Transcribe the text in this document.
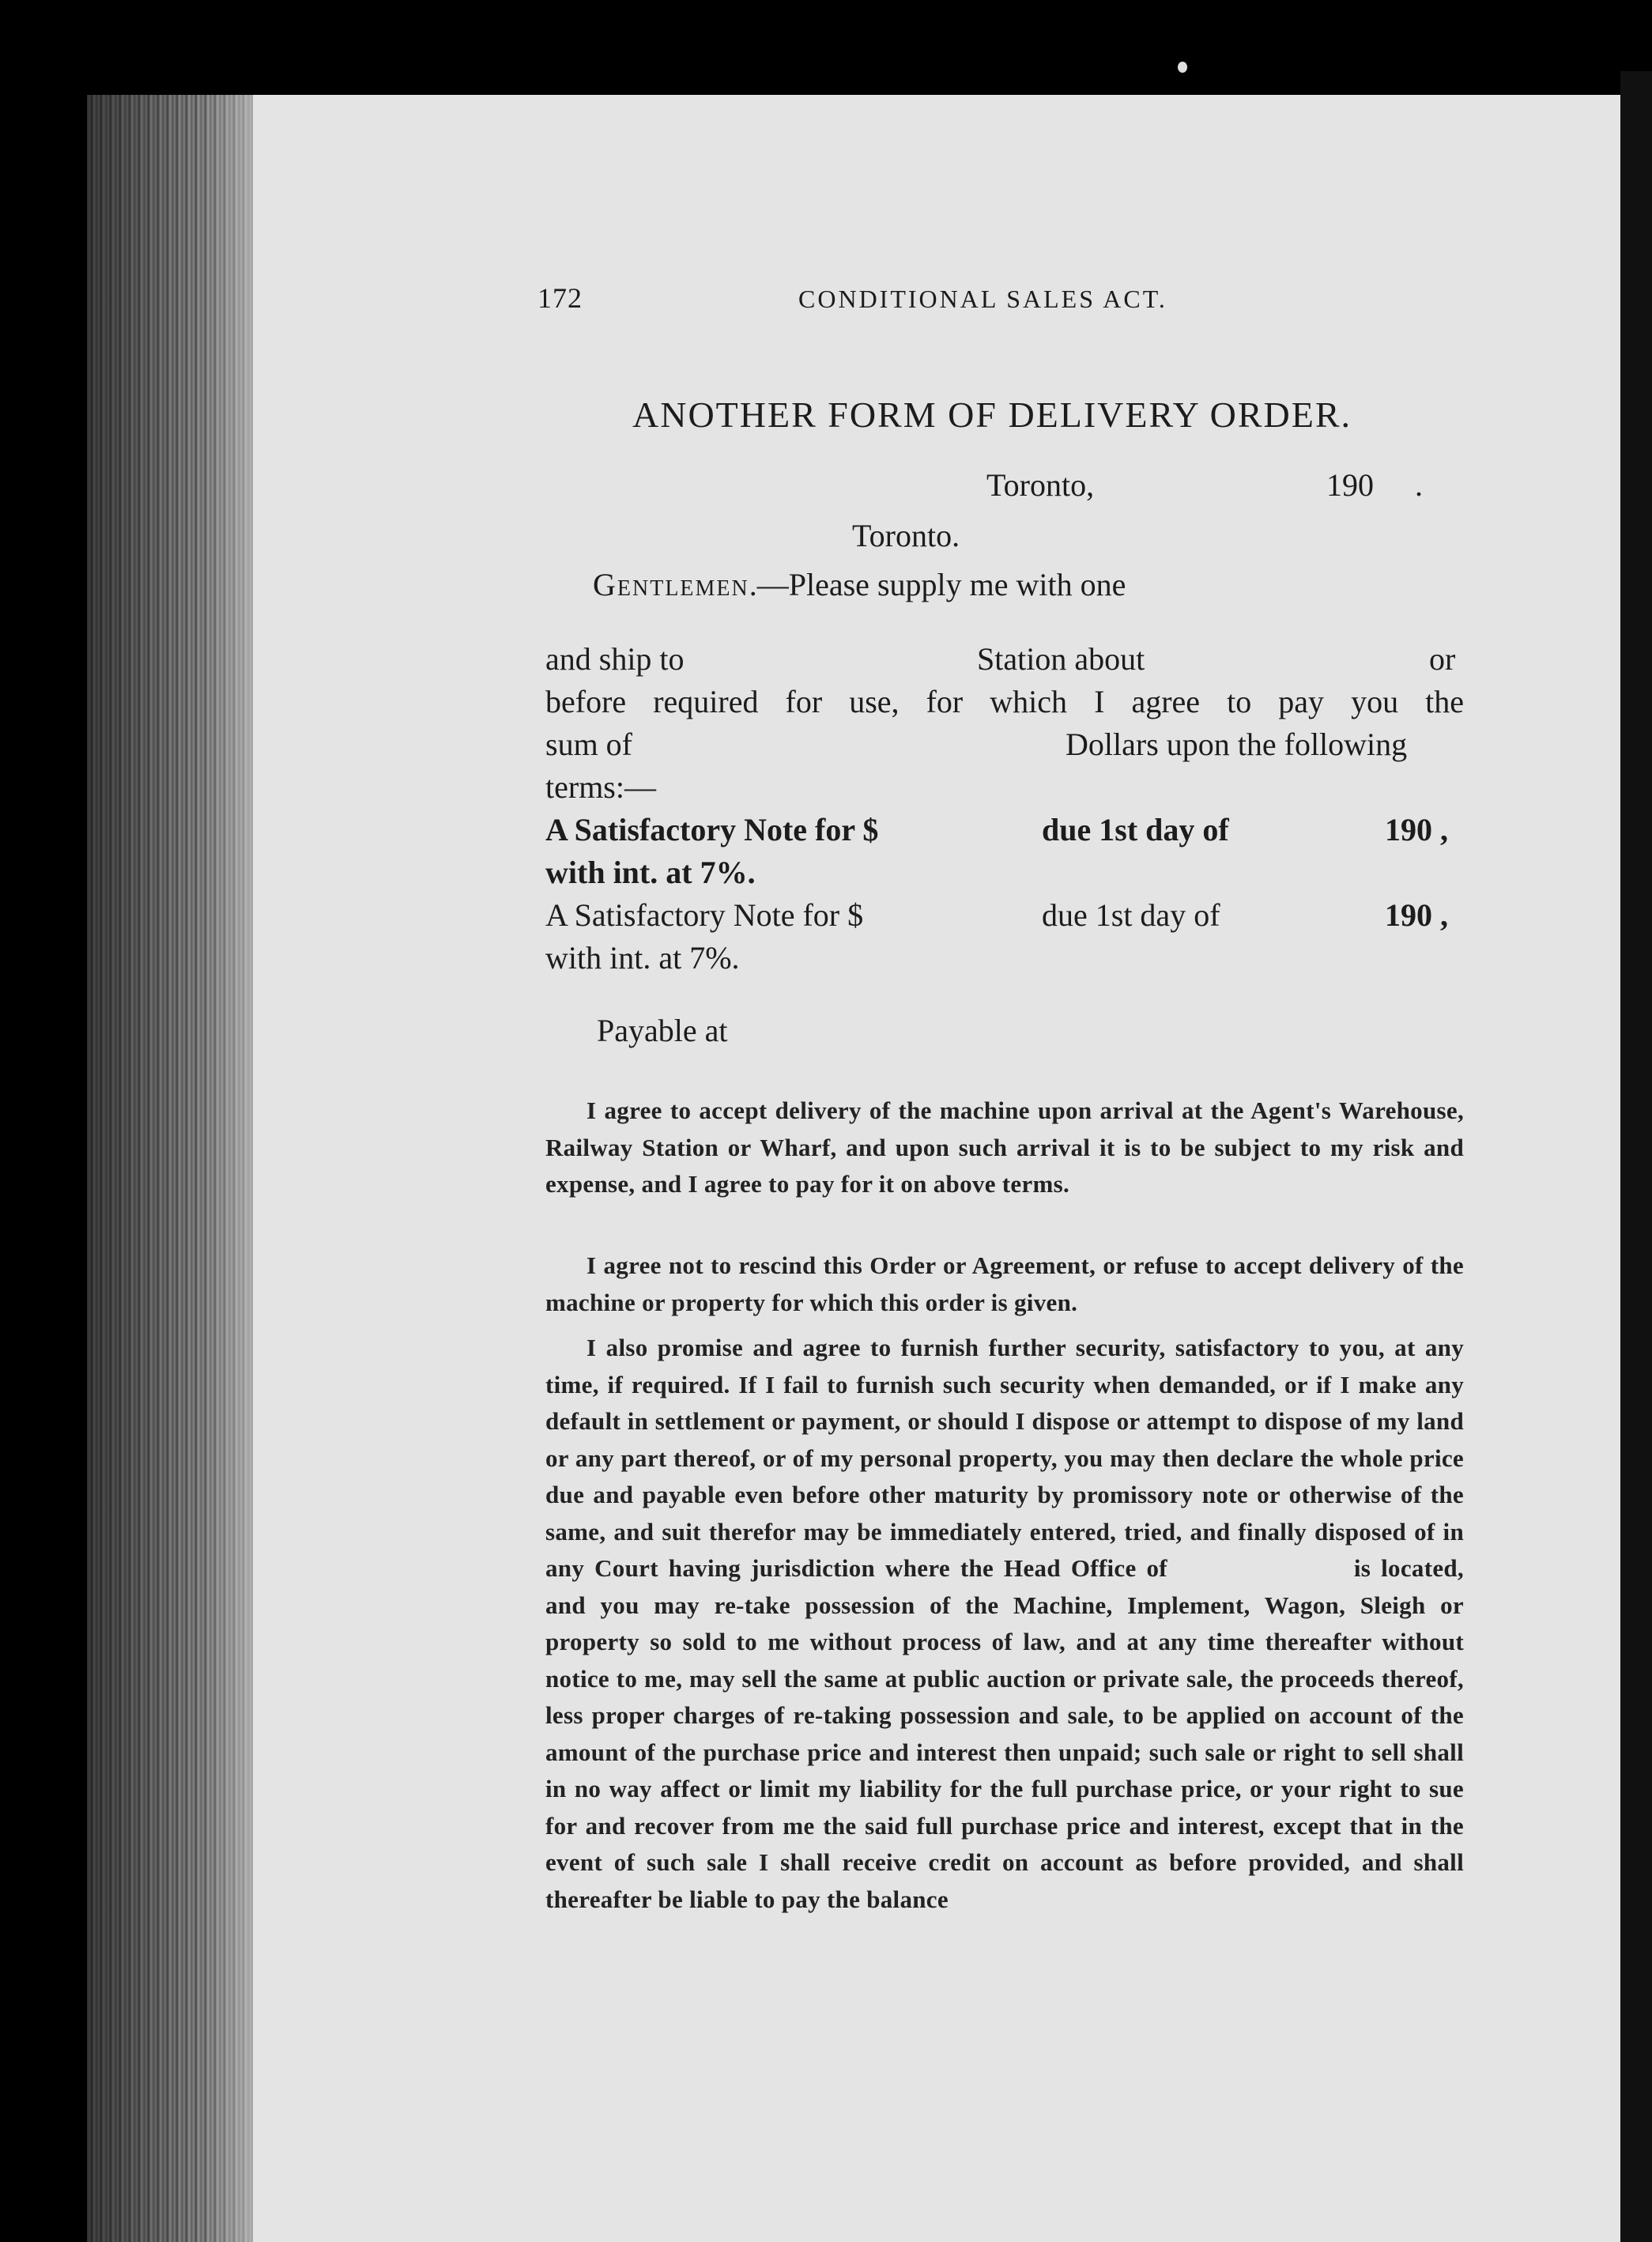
172	CONDITIONAL SALES ACT.
ANOTHER FORM OF DELIVERY ORDER.
Toronto,	190 .
Toronto.
Gentlemen.—Please supply me with one
and ship to	Station about	or
before required for use, for which I agree to pay you the
sum of	Dollars upon the following
terms:—
A Satisfactory Note for $	due 1st day of	190 ,
with int. at 7%.
A Satisfactory Note for $	due 1st day of	190 ,
with int. at 7%.
Payable at

I agree to accept delivery of the machine upon arrival at the Agent's Warehouse, Railway Station or Wharf, and upon such arrival it is to be subject to my risk and expense, and I agree to pay for it on above terms.

I agree not to rescind this Order or Agreement, or refuse to accept delivery of the machine or property for which this order is given.

I also promise and agree to furnish further security, satisfactory to you, at any time, if required. If I fail to furnish such security when demanded, or if I make any default in settlement or payment, or should I dispose or attempt to dispose of my land or any part thereof, or of my personal property, you may then declare the whole price due and payable even before other maturity by promissory note or otherwise of the same, and suit therefor may be immediately entered, tried, and finally disposed of in any Court having jurisdiction where the Head Office of	is located, and you may re-take possession of the Machine, Implement, Wagon, Sleigh or property so sold to me without process of law, and at any time thereafter without notice to me, may sell the same at public auction or private sale, the proceeds thereof, less proper charges of re-taking possession and sale, to be applied on account of the amount of the purchase price and interest then unpaid; such sale or right to sell shall in no way affect or limit my liability for the full purchase price, or your right to sue for and recover from me the said full purchase price and interest, except that in the event of such sale I shall receive credit on account as before provided, and shall thereafter be liable to pay the balance
